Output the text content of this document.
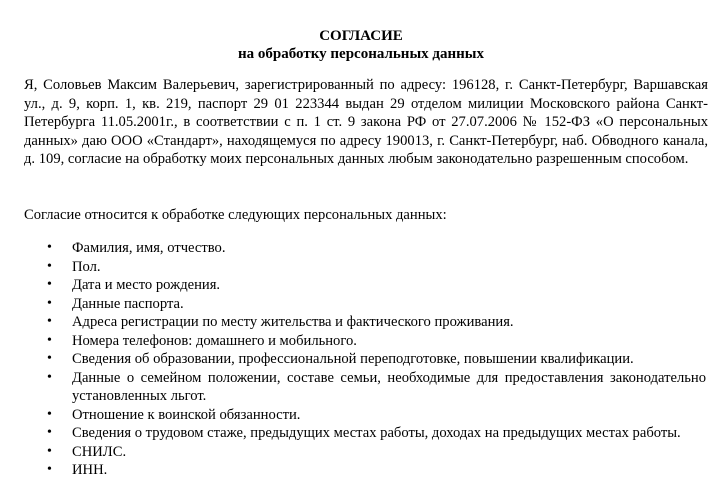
СОГЛАСИЕ
на обработку персональных данных
Я, Соловьев Максим Валерьевич, зарегистрированный по адресу: 196128, г. Санкт-Петербург, Варшавская ул., д. 9, корп. 1, кв. 219, паспорт 29 01 223344 выдан 29 отделом милиции Московского района Санкт-Петербурга 11.05.2001г., в соответствии с п. 1 ст. 9 закона РФ от 27.07.2006 № 152-ФЗ «О персональных данных» даю ООО «Стандарт», находящемуся по адресу 190013, г. Санкт-Петербург, наб. Обводного канала, д. 109, согласие на обработку моих персональных данных любым законодательно разрешенным способом.
Согласие относится к обработке следующих персональных данных:
• Фамилия, имя, отчество.
• Пол.
• Дата и место рождения.
• Данные паспорта.
• Адреса регистрации по месту жительства и фактического проживания.
• Номера телефонов: домашнего и мобильного.
• Сведения об образовании, профессиональной переподготовке, повышении квалификации.
• Данные о семейном положении, составе семьи, необходимые для предоставления законодательно установленных льгот.
• Отношение к воинской обязанности.
• Сведения о трудовом стаже, предыдущих местах работы, доходах на предыдущих местах работы.
• СНИЛС.
• ИНН.
